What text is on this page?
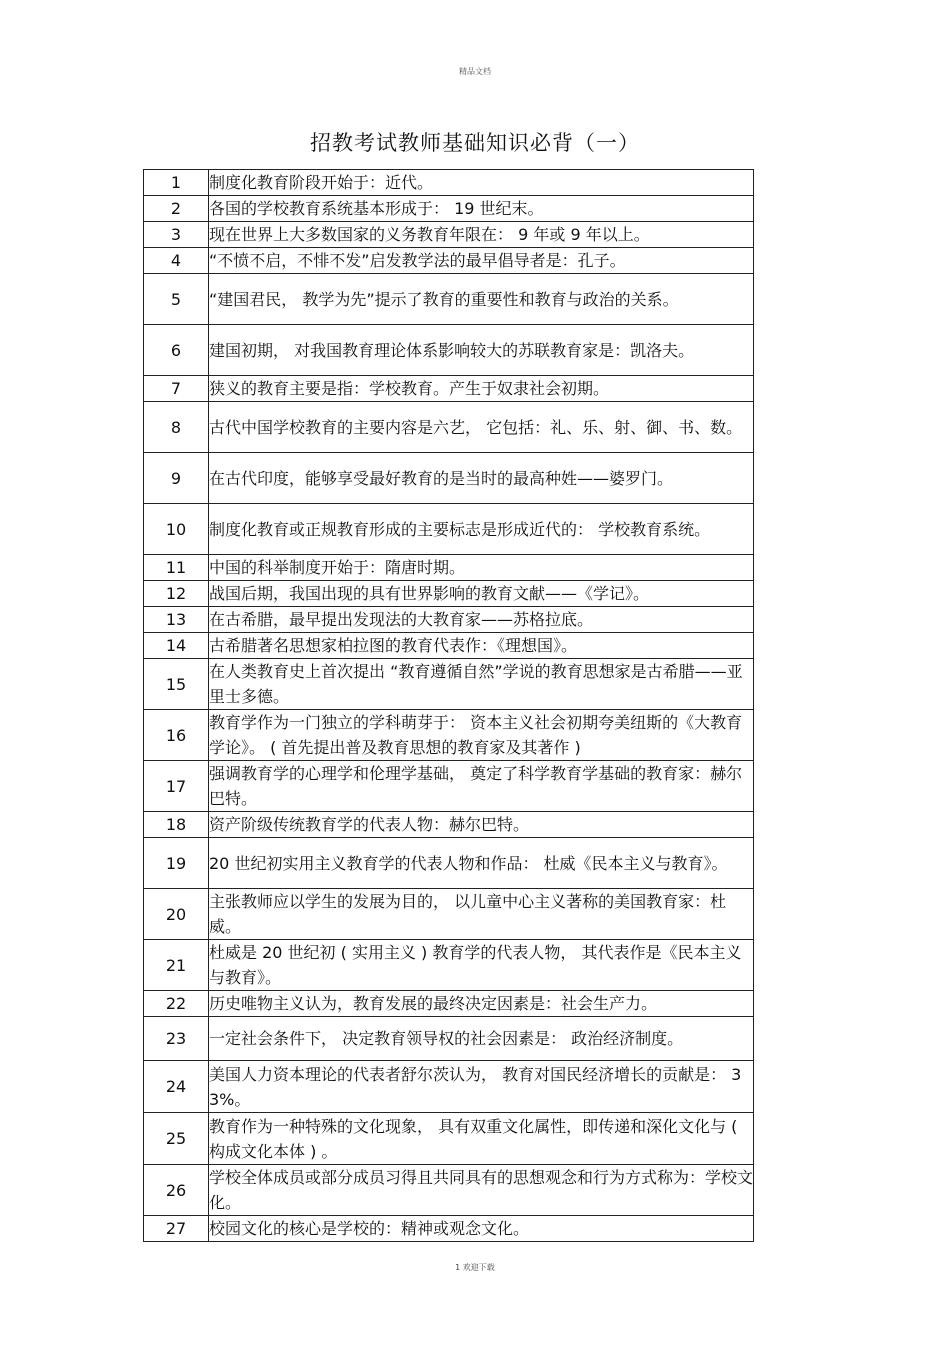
精品文档
招教考试教师基础知识必背（一）
1	制度化教育阶段开始于：近代。
2	各国的学校教育系统基本形成于： 19 世纪末。
3	现在世界上大多数国家的义务教育年限在： 9 年或 9 年以上。
4	“不愤不启，不悱不发”启发教学法的最早倡导者是：孔子。
5	“建国君民， 教学为先”提示了教育的重要性和教育与政治的关系。
6	建国初期， 对我国教育理论体系影响较大的苏联教育家是：凯洛夫。
7	狭义的教育主要是指：学校教育。产生于奴隶社会初期。
8	古代中国学校教育的主要内容是六艺， 它包括：礼、乐、射、御、书、数。
9	在古代印度，能够享受最好教育的是当时的最高种姓——婆罗门。
10	制度化教育或正规教育形成的主要标志是形成近代的： 学校教育系统。
11	中国的科举制度开始于：隋唐时期。
12	战国后期，我国出现的具有世界影响的教育文献——《学记》。
13	在古希腊，最早提出发现法的大教育家——苏格拉底。
14	古希腊著名思想家柏拉图的教育代表作：《理想国》。
15	在人类教育史上首次提出 “教育遵循自然”学说的教育思想家是古希腊——亚里士多德。
16	教育学作为一门独立的学科萌芽于： 资本主义社会初期夸美纽斯的《大教育学论》。 ( 首先提出普及教育思想的教育家及其著作 )
17	强调教育学的心理学和伦理学基础， 奠定了科学教育学基础的教育家：赫尔巴特。
18	资产阶级传统教育学的代表人物：赫尔巴特。
19	20 世纪初实用主义教育学的代表人物和作品： 杜威《民本主义与教育》。
20	主张教师应以学生的发展为目的， 以儿童中心主义著称的美国教育家：杜威。
21	杜威是 20 世纪初 ( 实用主义 ) 教育学的代表人物， 其代表作是《民本主义与教育》。
22	历史唯物主义认为，教育发展的最终决定因素是：社会生产力。
23	一定社会条件下， 决定教育领导权的社会因素是： 政治经济制度。
24	美国人力资本理论的代表者舒尔茨认为， 教育对国民经济增长的贡献是： 33%。
25	教育作为一种特殊的文化现象， 具有双重文化属性，即传递和深化文化与 ( 构成文化本体 ) 。
26	学校全体成员或部分成员习得且共同具有的思想观念和行为方式称为：学校文化。
27	校园文化的核心是学校的：精神或观念文化。
1 欢迎下载
